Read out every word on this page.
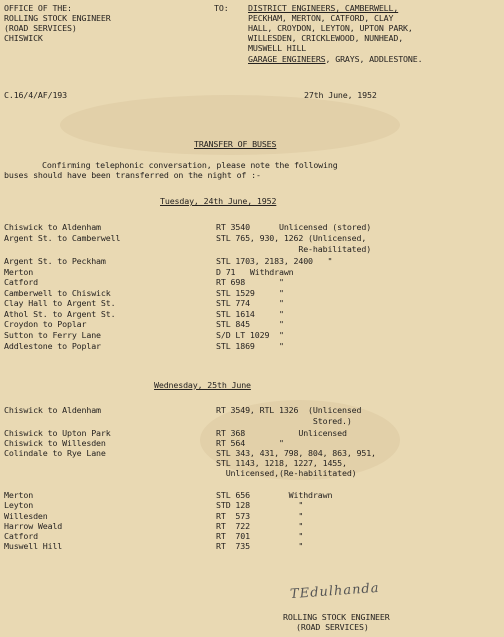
OFFICE OF THE:
ROLLING STOCK ENGINEER
(ROAD SERVICES)
CHISWICK
TO: DISTRICT ENGINEERS, CAMBERWELL,
PECKHAM, MERTON, CATFORD, CLAY
HALL, CROYDON, LEYTON, UPTON PARK,
WILLESDEN, CRICKLEWOOD, NUNHEAD,
MUSWELL HILL
GARAGE ENGINEERS, GRAYS, ADDLESTONE.
C.16/4/AF/193	27th June, 1952
TRANSFER OF BUSES
Confirming telephonic conversation, please note the following
buses should have been transferred on the night of :-
Tuesday, 24th June, 1952
Chiswick to Aldenham	RT 3540      Unlicensed (stored)
Argent St. to Camberwell	STL 765, 930, 1262 (Unlicensed,
Re-habilitated)
Argent St. to Peckham	STL 1703, 2183, 2400   "
Merton	D 71   Withdrawn
Catford	RT 698       "
Camberwell to Chiswick	STL 1529     "
Clay Hall to Argent St.	STL 774      "
Athol St. to Argent St.	STL 1614     "
Croydon to Poplar	STL 845      "
Sutton to Ferry Lane	S/D LT 1029  "
Addlestone to Poplar	STL 1869     "
Wednesday, 25th June
Chiswick to Aldenham	RT 3549, RTL 1326  (Unlicensed
Stored.)
Chiswick to Upton Park	RT 368           Unlicensed
Chiswick to Willesden	RT 564       "
Colindale to Rye Lane	STL 343, 431, 798, 804, 863, 951,
STL 1143, 1218, 1227, 1455,
Unlicensed,(Re-habilitated)
Merton	STL 656        Withdrawn
Leyton	STD 128          "
Willesden	RT  573          "
Harrow Weald	RT  722          "
Catford	RT  701          "
Muswell Hill	RT  735          "
TEdulhanda
ROLLING STOCK ENGINEER
(ROAD SERVICES)
